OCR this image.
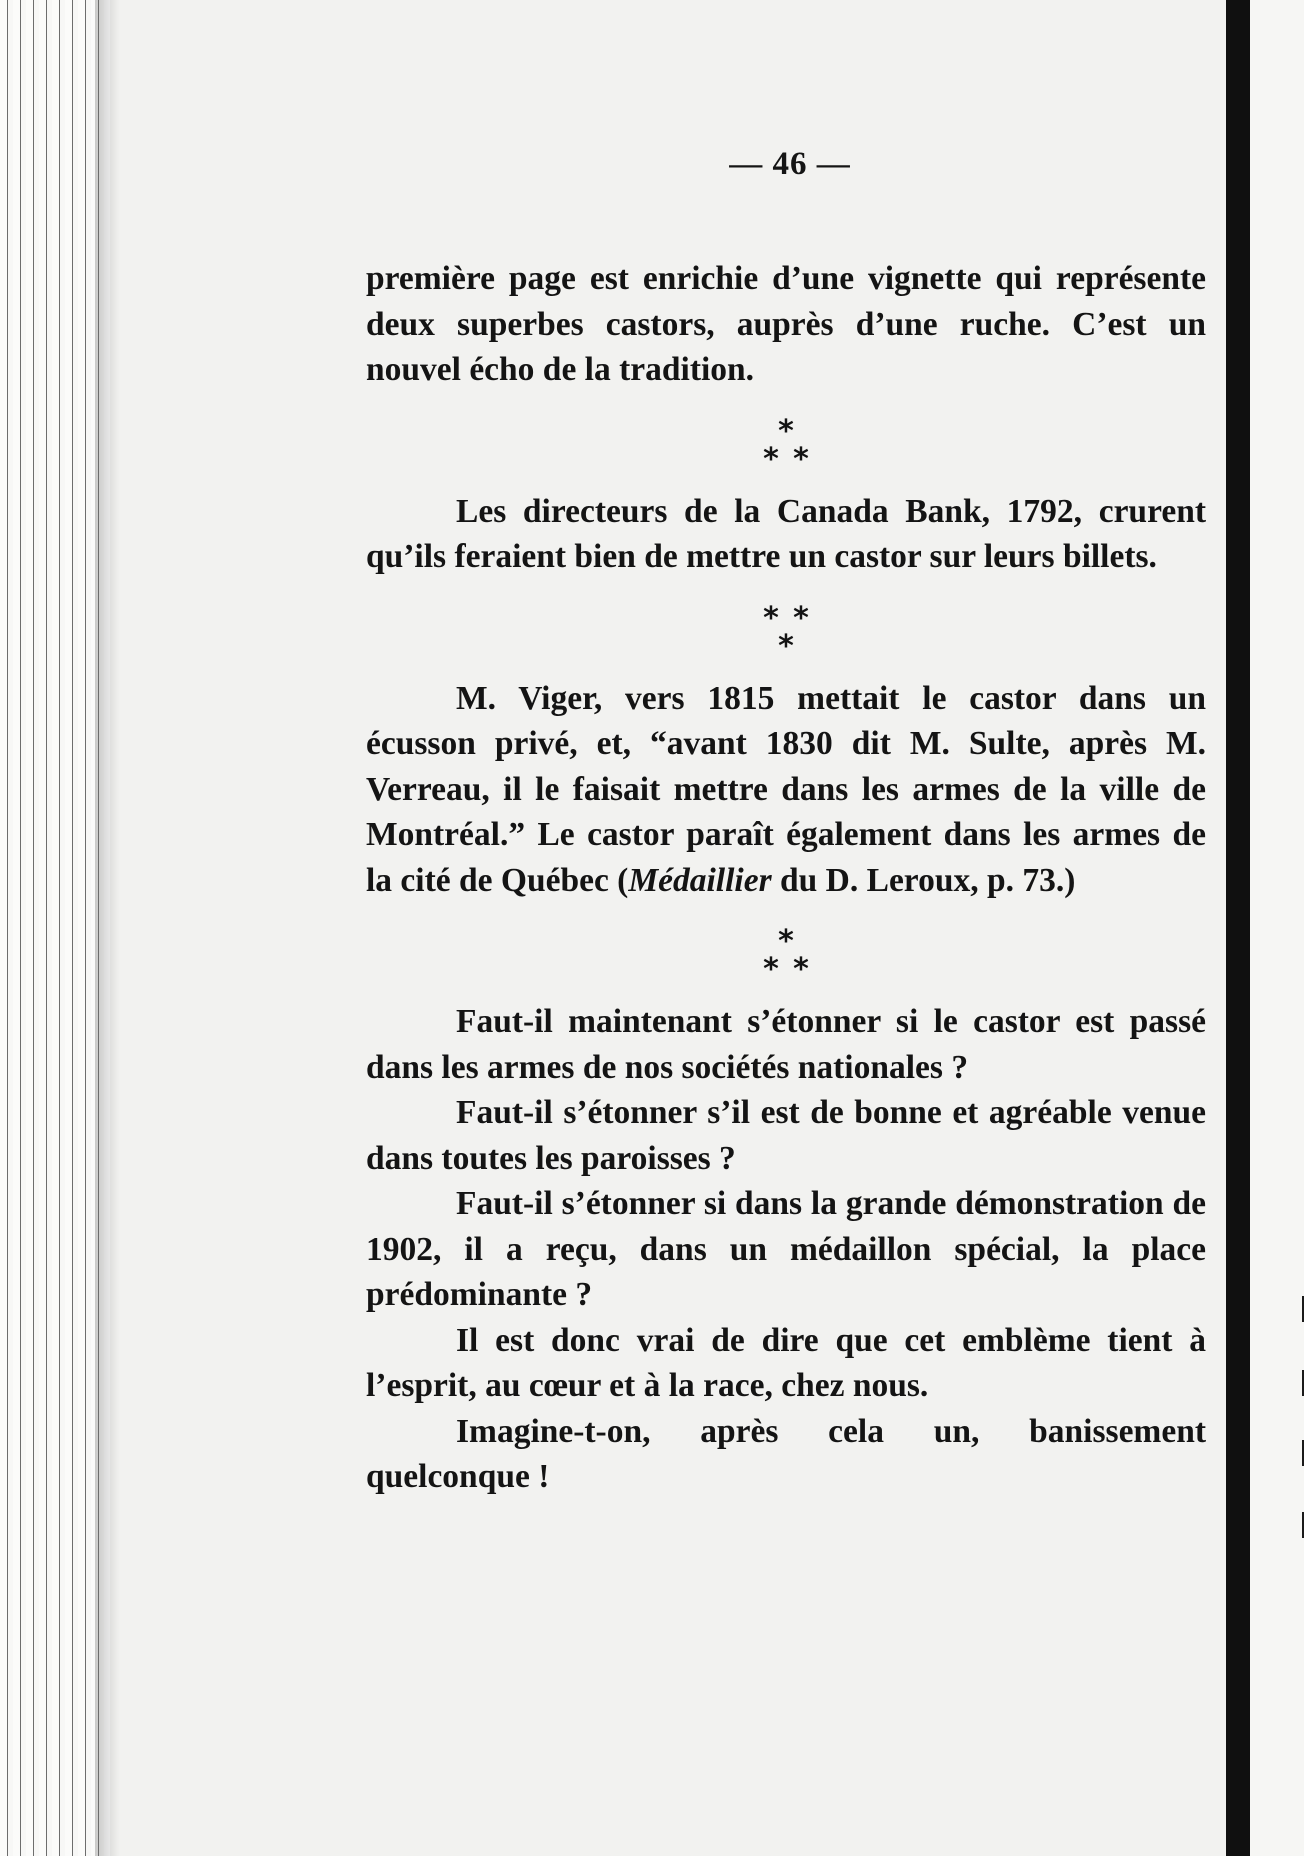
— 46 —

première page est enrichie d’une vignette qui représente deux superbes castors, auprès d’une ruche. C’est un nouvel écho de la tradition.

*
* *

Les directeurs de la Canada Bank, 1792, crurent qu’ils feraient bien de mettre un castor sur leurs billets.

* *
*

M. Viger, vers 1815 mettait le castor dans un écusson privé, et, “avant 1830 dit M. Sulte, après M. Verreau, il le faisait mettre dans les armes de la ville de Montréal.” Le castor paraît également dans les armes de la cité de Québec (Médaillier du D. Leroux, p. 73.)

*
* *

Faut-il maintenant s’étonner si le castor est passé dans les armes de nos sociétés nationales ?

Faut-il s’étonner s’il est de bonne et agréable venue dans toutes les paroisses ?

Faut-il s’étonner si dans la grande démonstration de 1902, il a reçu, dans un médaillon spécial, la place prédominante ?

Il est donc vrai de dire que cet emblème tient à l’esprit, au cœur et à la race, chez nous.

Imagine-t-on, après cela un, banissement quelconque !
